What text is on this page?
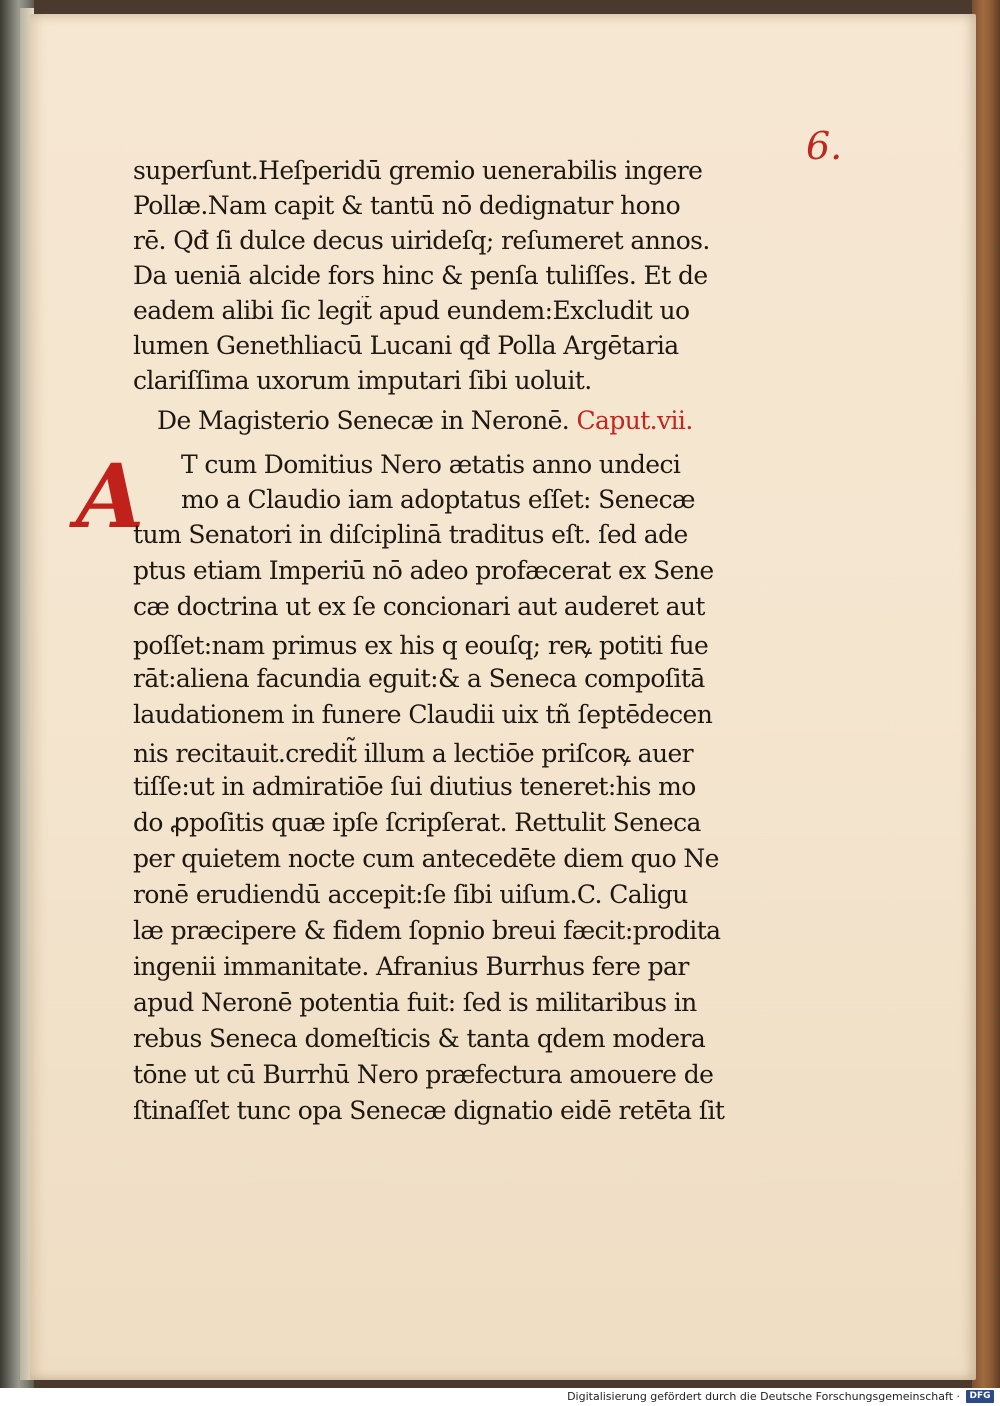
6.
A
superſunt.Heſperidū gremio uenerabilis ingere
Pollæ.Nam capit & tantū nō dedignatur hono
rē. Qđ ſi dulce decus uirideſq; reſumeret annos.
Da ueniā alcide fors hinc & penſa tuliſſes. Et de
eadem alibi ſic legit̃ apud eundem:Excludit uo
lumen Genethliacū Lucani qđ Polla Argētaria
clariſſima uxorum imputari ſibi uoluit.
De Magisterio Senecæ in Neronē. Caput.vii.
T cum Domitius Nero ætatis anno undeci
mo a Claudio iam adoptatus eſſet: Senecæ
tum Senatori in diſciplinā traditus eſt. ſed ade
ptus etiam Imperiū nō adeo profæcerat ex Sene
cæ doctrina ut ex ſe concionari aut auderet aut
poſſet:nam primus ex his q eouſq; reꝶ potiti fue
rāt:aliena facundia eguit:& a Seneca compoſitā
laudationem in funere Claudii uix tñ ſeptēdecen
nis recitauit.credit̃ illum a lectiōe priſcoꝶ auer
tiſſe:ut in admiratiōe ſui diutius teneret:his mo
do ꝓpoſitis quæ ipſe ſcripſerat. Rettulit Seneca
per quietem nocte cum antecedēte diem quo Ne
ronē erudiendū accepit:ſe ſibi uiſum.C. Caligu
læ præcipere & fidem ſopnio breui fæcit:prodita
ingenii immanitate. Afranius Burrhus fere par
apud Neronē potentia fuit: ſed is militaribus in
rebus Seneca domeſticis & tanta qdem modera
tōne ut cū Burrhū Nero præfectura amouere de
ſtinaſſet tunc opa Senecæ dignatio eidē retēta ſit
Digitalisierung gefördert durch die Deutsche Forschungsgemeinschaft ·	DFG
